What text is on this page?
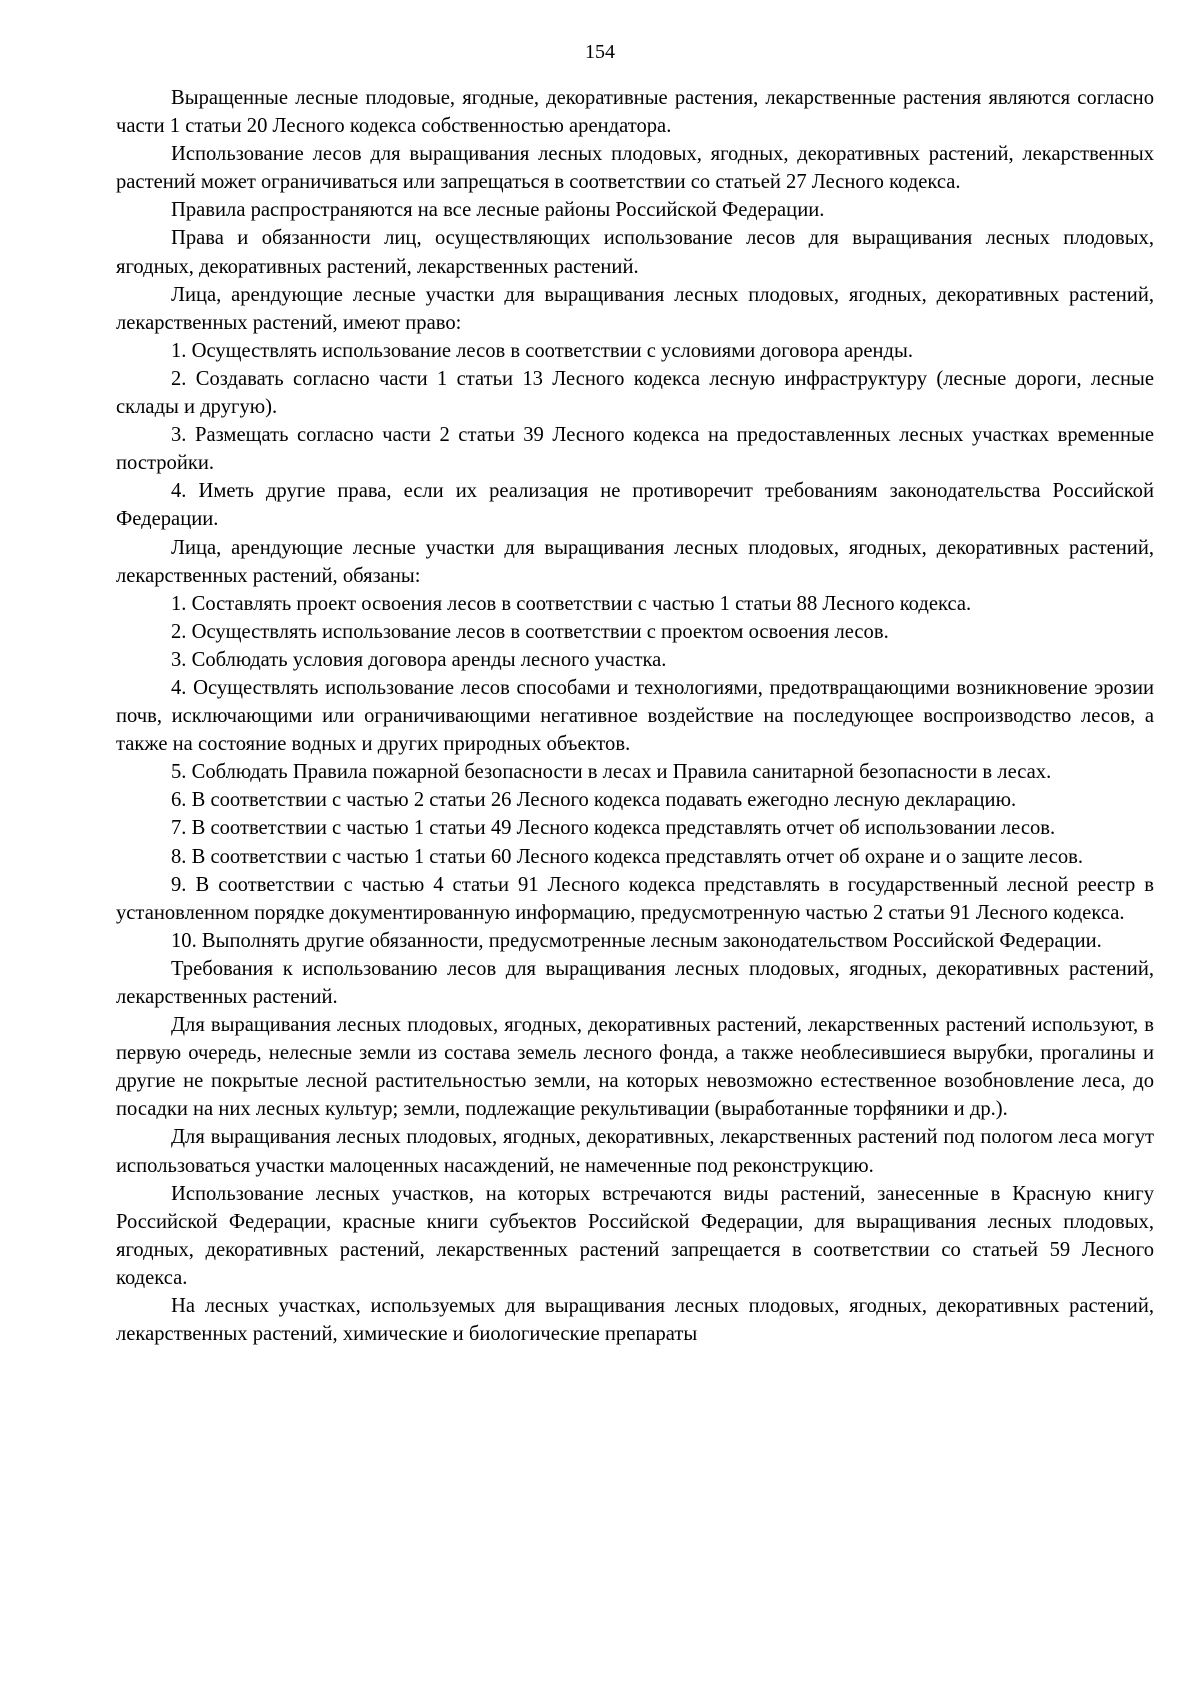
154

Выращенные лесные плодовые, ягодные, декоративные растения, лекарственные растения являются согласно части 1 статьи 20 Лесного кодекса собственностью арендатора.

Использование лесов для выращивания лесных плодовых, ягодных, декоративных растений, лекарственных растений может ограничиваться или запрещаться в соответствии со статьей 27 Лесного кодекса.

Правила распространяются на все лесные районы Российской Федерации.

Права и обязанности лиц, осуществляющих использование лесов для выращивания лесных плодовых, ягодных, декоративных растений, лекарственных растений.

Лица, арендующие лесные участки для выращивания лесных плодовых, ягодных, декоративных растений, лекарственных растений, имеют право:

1. Осуществлять использование лесов в соответствии с условиями договора аренды.

2. Создавать согласно части 1 статьи 13 Лесного кодекса лесную инфраструктуру (лесные дороги, лесные склады и другую).

3. Размещать согласно части 2 статьи 39 Лесного кодекса на предоставленных лесных участках временные постройки.

4. Иметь другие права, если их реализация не противоречит требованиям законодательства Российской Федерации.

Лица, арендующие лесные участки для выращивания лесных плодовых, ягодных, декоративных растений, лекарственных растений, обязаны:

1. Составлять проект освоения лесов в соответствии с частью 1 статьи 88 Лесного кодекса.

2. Осуществлять использование лесов в соответствии с проектом освоения лесов.

3. Соблюдать условия договора аренды лесного участка.

4. Осуществлять использование лесов способами и технологиями, предотвращающими возникновение эрозии почв, исключающими или ограничивающими негативное воздействие на последующее воспроизводство лесов, а также на состояние водных и других природных объектов.

5. Соблюдать Правила пожарной безопасности в лесах и Правила санитарной безопасности в лесах.

6. В соответствии с частью 2 статьи 26 Лесного кодекса подавать ежегодно лесную декларацию.

7. В соответствии с частью 1 статьи 49 Лесного кодекса представлять отчет об использовании лесов.

8. В соответствии с частью 1 статьи 60 Лесного кодекса представлять отчет об охране и о защите лесов.

9. В соответствии с частью 4 статьи 91 Лесного кодекса представлять в государственный лесной реестр в установленном порядке документированную информацию, предусмотренную частью 2 статьи 91 Лесного кодекса.

10. Выполнять другие обязанности, предусмотренные лесным законодательством Российской Федерации.

Требования к использованию лесов для выращивания лесных плодовых, ягодных, декоративных растений, лекарственных растений.

Для выращивания лесных плодовых, ягодных, декоративных растений, лекарственных растений используют, в первую очередь, нелесные земли из состава земель лесного фонда, а также необлесившиеся вырубки, прогалины и другие не покрытые лесной растительностью земли, на которых невозможно естественное возобновление леса, до посадки на них лесных культур; земли, подлежащие рекультивации (выработанные торфяники и др.).

Для выращивания лесных плодовых, ягодных, декоративных, лекарственных растений под пологом леса могут использоваться участки малоценных насаждений, не намеченные под реконструкцию.

Использование лесных участков, на которых встречаются виды растений, занесенные в Красную книгу Российской Федерации, красные книги субъектов Российской Федерации, для выращивания лесных плодовых, ягодных, декоративных растений, лекарственных растений запрещается в соответствии со статьей 59 Лесного кодекса.

На лесных участках, используемых для выращивания лесных плодовых, ягодных, декоративных растений, лекарственных растений, химические и биологические препараты
